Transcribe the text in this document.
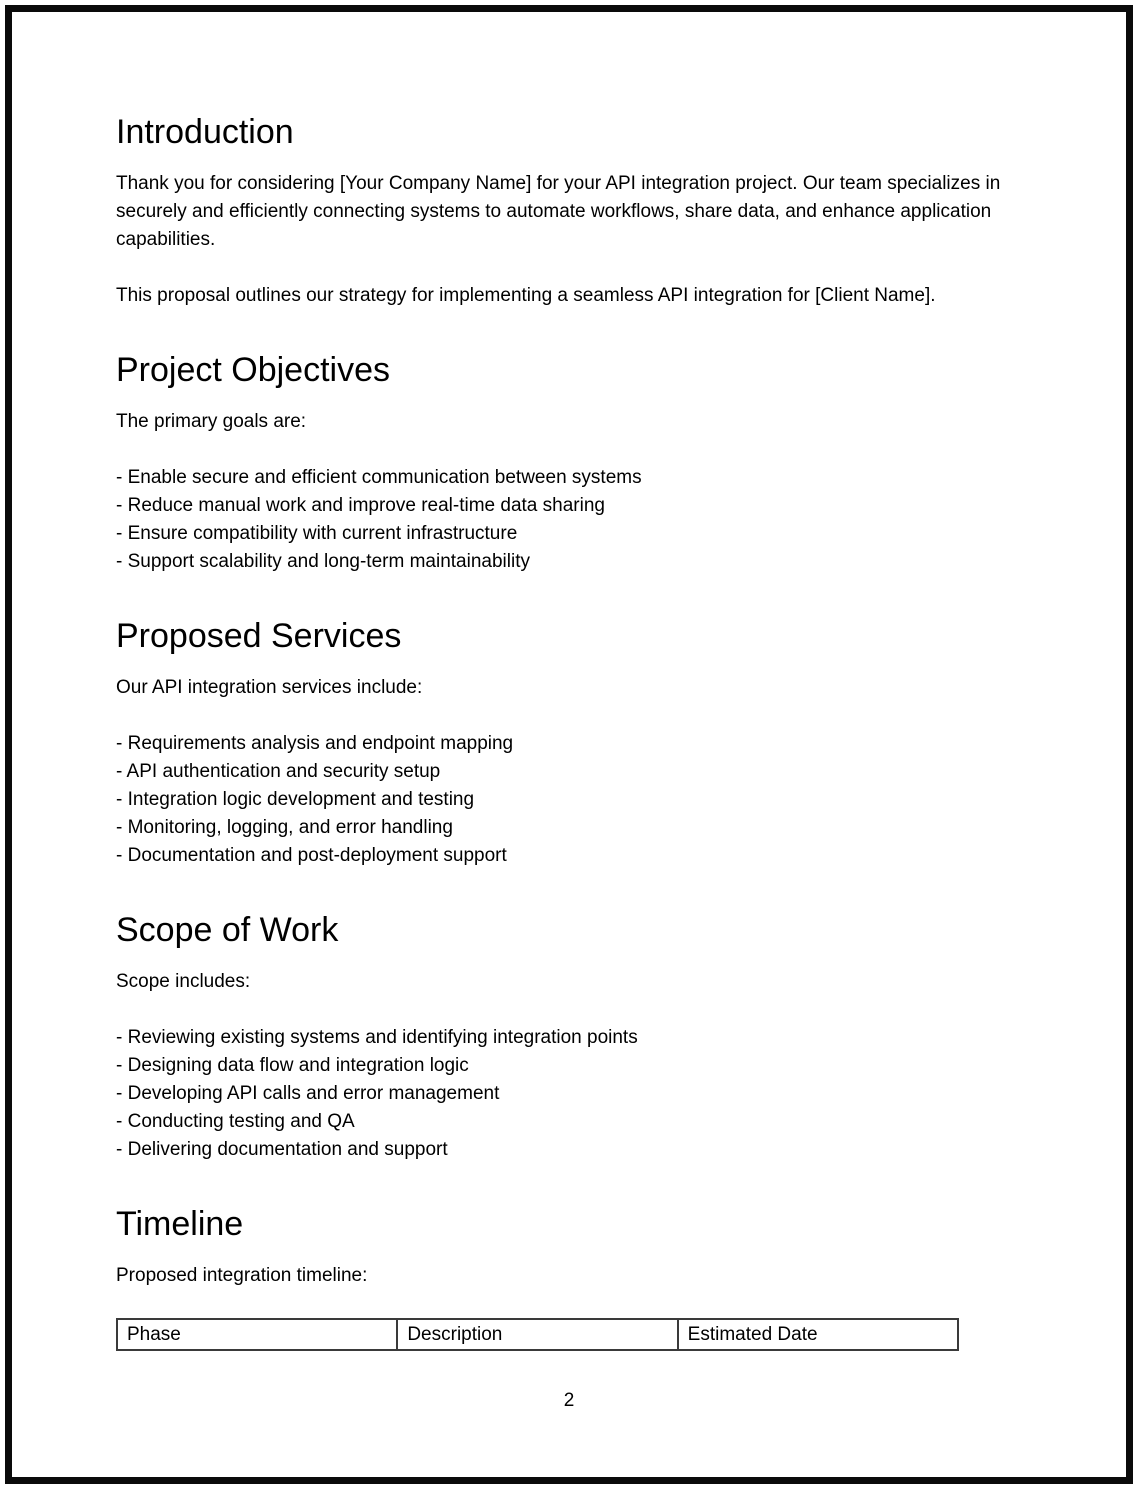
Introduction

Thank you for considering [Your Company Name] for your API integration project. Our team specializes in securely and efficiently connecting systems to automate workflows, share data, and enhance application capabilities.

This proposal outlines our strategy for implementing a seamless API integration for [Client Name].

Project Objectives

The primary goals are:

- Enable secure and efficient communication between systems

- Reduce manual work and improve real-time data sharing

- Ensure compatibility with current infrastructure

- Support scalability and long-term maintainability

Proposed Services

Our API integration services include:

- Requirements analysis and endpoint mapping

- API authentication and security setup

- Integration logic development and testing

- Monitoring, logging, and error handling

- Documentation and post-deployment support

Scope of Work

Scope includes:

- Reviewing existing systems and identifying integration points

- Designing data flow and integration logic

- Developing API calls and error management

- Conducting testing and QA

- Delivering documentation and support

Timeline

Proposed integration timeline:

Phase	Description	Estimated Date
2
